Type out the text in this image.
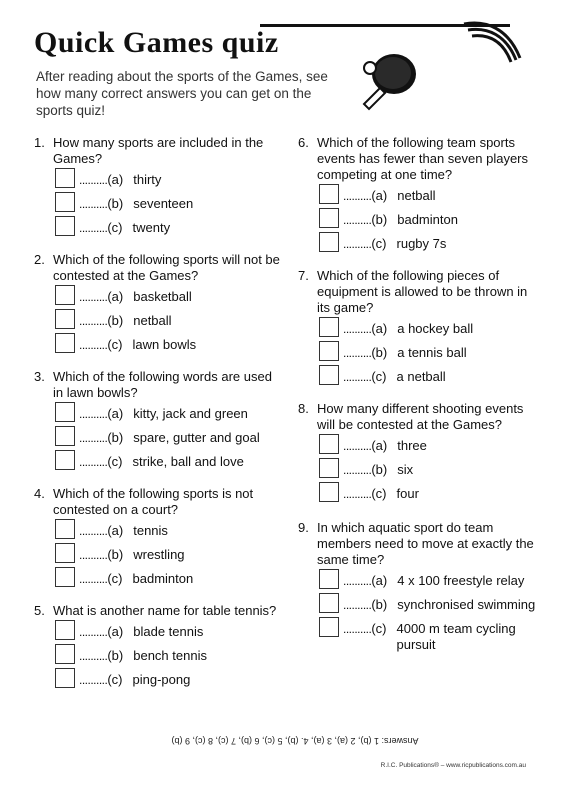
Quick Games quiz

After reading about the sports of the Games, see how many correct answers you can get on the sports quiz!

1. How many sports are included in the Games?
.......... (a) thirty
.......... (b) seventeen
.......... (c) twenty
2. Which of the following sports will not be contested at the Games?
.......... (a) basketball
.......... (b) netball
.......... (c) lawn bowls
3. Which of the following words are used in lawn bowls?
.......... (a) kitty, jack and green
.......... (b) spare, gutter and goal
.......... (c) strike, ball and love
4. Which of the following sports is not contested on a court?
.......... (a) tennis
.......... (b) wrestling
.......... (c) badminton
5. What is another name for table tennis?
.......... (a) blade tennis
.......... (b) bench tennis
.......... (c) ping-pong
6. Which of the following team sports events has fewer than seven players competing at one time?
.......... (a) netball
.......... (b) badminton
.......... (c) rugby 7s
7. Which of the following pieces of equipment is allowed to be thrown in its game?
.......... (a) a hockey ball
.......... (b) a tennis ball
.......... (c) a netball
8. How many different shooting events will be contested at the Games?
.......... (a) three
.......... (b) six
.......... (c) four
9. In which aquatic sport do team members need to move at exactly the same time?
.......... (a) 4 x 100 freestyle relay
.......... (b) synchronised swimming
.......... (c) 4000 m team cycling pursuit
Answers: 1 (b), 2 (a), 3 (a), 4. (b), 5 (c), 6 (b), 7 (c), 8 (c), 9 (b)
R.I.C. Publications® – www.ricpublications.com.au
